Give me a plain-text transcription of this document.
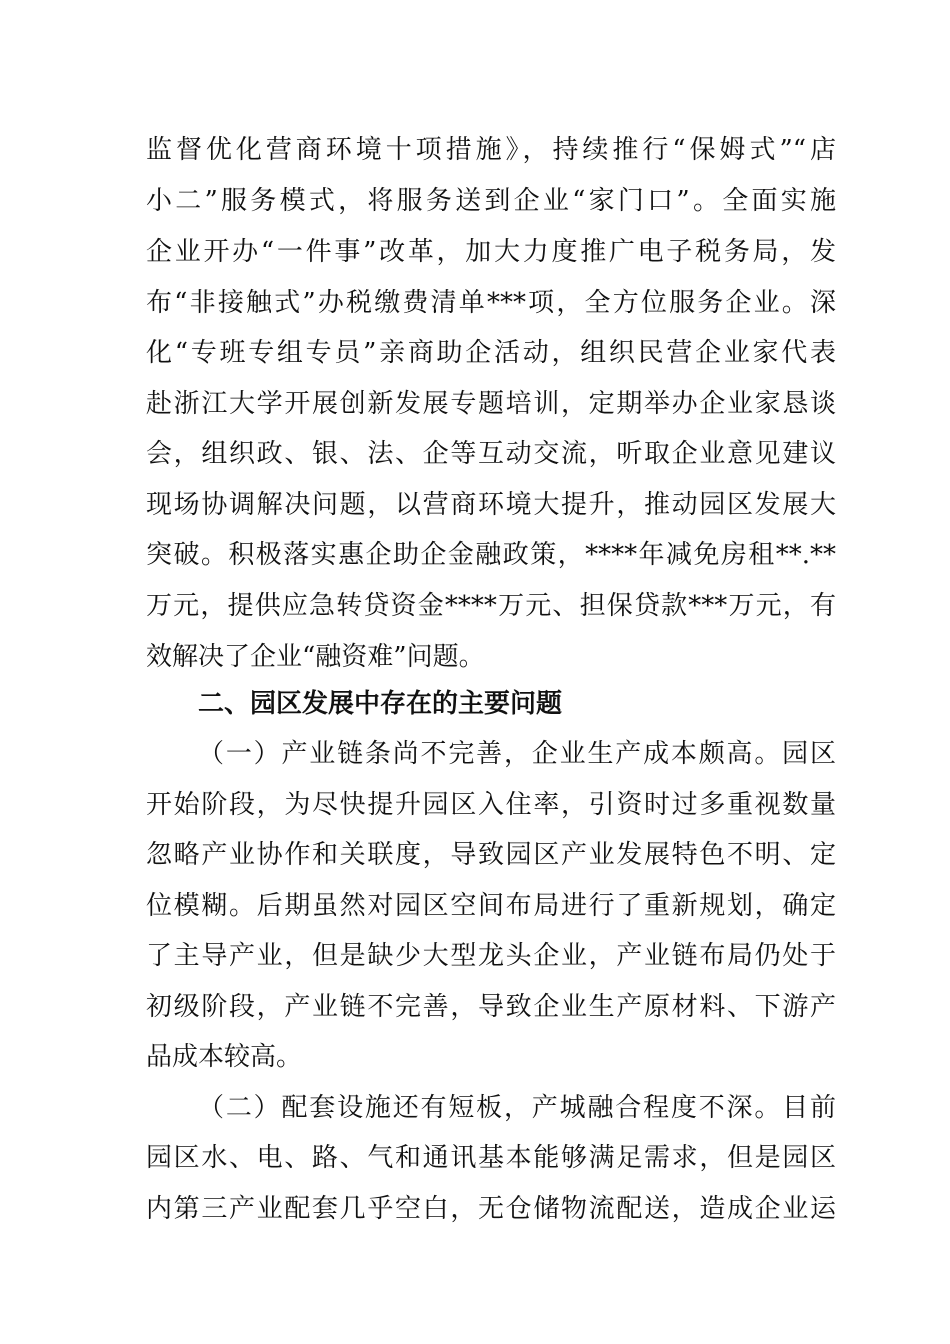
监督优化营商环境十项措施》，持续推行“保姆式”“店
小二”服务模式，将服务送到企业“家门口”。全面实施
企业开办“一件事”改革，加大力度推广电子税务局，发
布“非接触式”办税缴费清单***项，全方位服务企业。深
化“专班专组专员”亲商助企活动，组织民营企业家代表
赴浙江大学开展创新发展专题培训，定期举办企业家恳谈
会，组织政、银、法、企等互动交流，听取企业意见建议
现场协调解决问题，以营商环境大提升，推动园区发展大
突破。积极落实惠企助企金融政策，****年减免房租**.**
万元，提供应急转贷资金****万元、担保贷款***万元，有
效解决了企业“融资难”问题。
二、园区发展中存在的主要问题
（一）产业链条尚不完善，企业生产成本颇高。园区
开始阶段，为尽快提升园区入住率，引资时过多重视数量
忽略产业协作和关联度，导致园区产业发展特色不明、定
位模糊。后期虽然对园区空间布局进行了重新规划，确定
了主导产业，但是缺少大型龙头企业，产业链布局仍处于
初级阶段，产业链不完善，导致企业生产原材料、下游产
品成本较高。
（二）配套设施还有短板，产城融合程度不深。目前
园区水、电、路、气和通讯基本能够满足需求，但是园区
内第三产业配套几乎空白，无仓储物流配送，造成企业运
